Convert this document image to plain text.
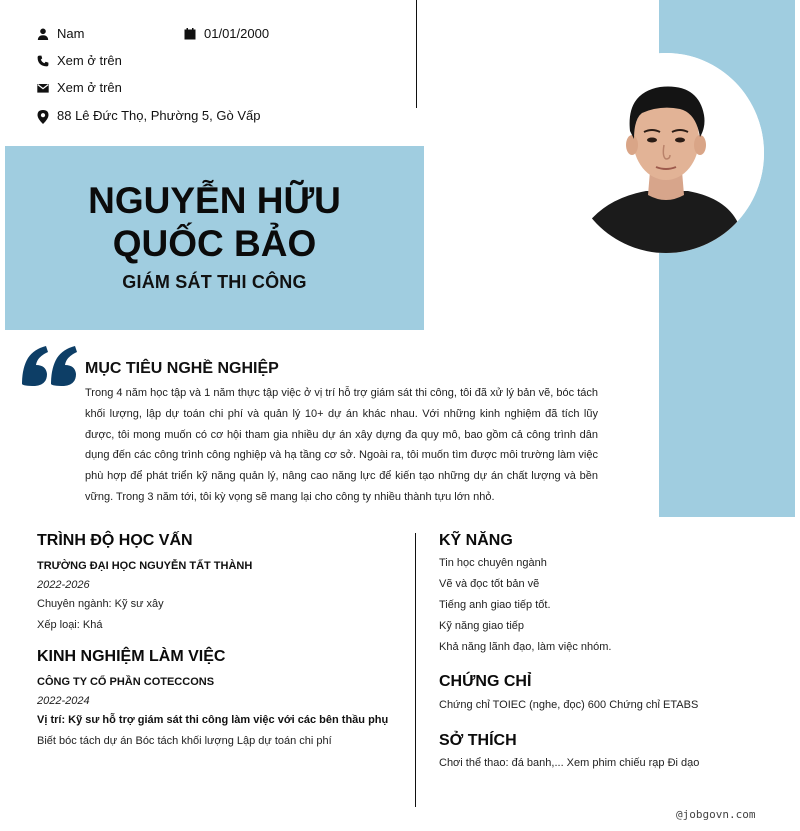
Nam	01/01/2000
Xem ở trên
Xem ở trên
88 Lê Đức Thọ, Phường 5, Gò Vấp
NGUYỄN HỮU QUỐC BẢO
GIÁM SÁT THI CÔNG
MỤC TIÊU NGHỀ NGHIỆP
Trong 4 năm học tập và 1 năm thực tập việc ở vị trí hỗ trợ giám sát thi công, tôi đã xử lý bản vẽ, bóc tách khối lượng, lập dự toán chi phí và quản lý 10+ dự án khác nhau. Với những kinh nghiệm đã tích lũy được, tôi mong muốn có cơ hội tham gia nhiều dự án xây dựng đa quy mô, bao gồm cả công trình dân dụng đến các công trình công nghiệp và hạ tầng cơ sở. Ngoài ra, tôi muốn tìm được môi trường làm việc phù hợp để phát triển kỹ năng quản lý, nâng cao năng lực để kiến tạo những dự án chất lượng và bền vững. Trong 3 năm tới, tôi kỳ vọng sẽ mang lại cho công ty nhiều thành tựu lớn nhỏ.
TRÌNH ĐỘ HỌC VẤN
TRƯỜNG ĐẠI HỌC NGUYỄN TẤT THÀNH
2022-2026
Chuyên ngành: Kỹ sư xây
Xếp loại: Khá
KINH NGHIỆM LÀM VIỆC
CÔNG TY CỔ PHẦN COTECCONS
2022-2024
Vị trí: Kỹ sư hỗ trợ giám sát thi công làm việc với các bên thầu phụ
Biết bóc tách dự án Bóc tách khối lượng Lập dự toán chi phí
KỸ NĂNG
Tin học chuyên ngành
Vẽ và đọc tốt bản vẽ
Tiếng anh giao tiếp tốt.
Kỹ năng giao tiếp
Khả năng lãnh đạo, làm việc nhóm.
CHỨNG CHỈ
Chứng chỉ TOIEC (nghe, đọc) 600 Chứng chỉ ETABS
SỞ THÍCH
Chơi thể thao: đá banh,... Xem phim chiếu rạp Đi dạo
@jobgovn.com
